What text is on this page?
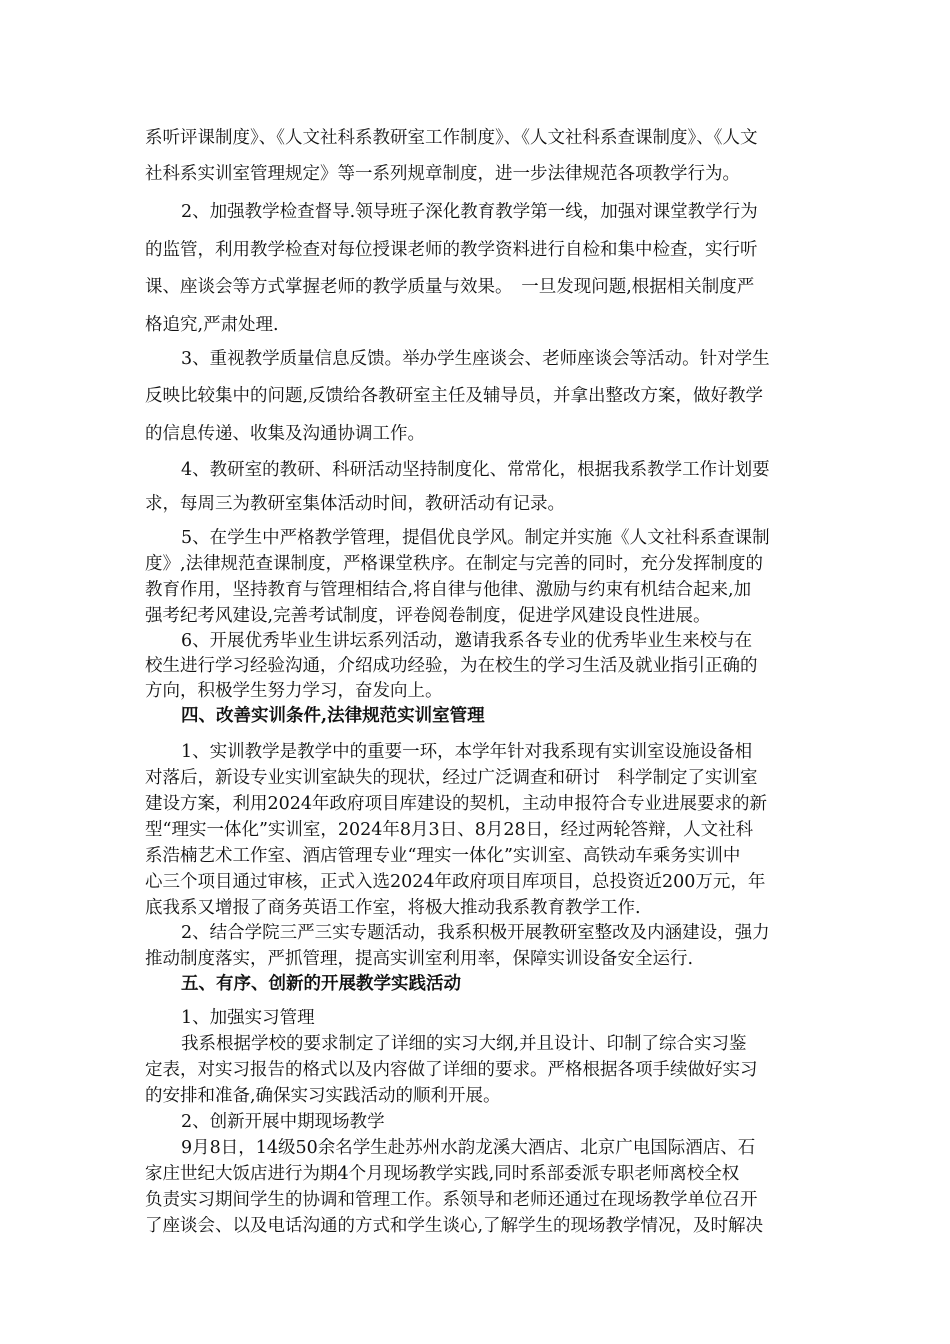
系听评课制度》、《人文社科系教研室工作制度》、《人文社科系查课制度》、《人文
社科系实训室管理规定》等一系列规章制度，进一步法律规范各项教学行为。
2、加强教学检查督导.领导班子深化教育教学第一线，加强对课堂教学行为
的监管，利用教学检查对每位授课老师的教学资料进行自检和集中检查，实行听
课、座谈会等方式掌握老师的教学质量与效果。　一旦发现问题,根据相关制度严
格追究,严肃处理.
3、重视教学质量信息反馈。举办学生座谈会、老师座谈会等活动。针对学生
反映比较集中的问题,反馈给各教研室主任及辅导员，并拿出整改方案，做好教学
的信息传递、收集及沟通协调工作。
4、教研室的教研、科研活动坚持制度化、常常化，根据我系教学工作计划要
求，每周三为教研室集体活动时间，教研活动有记录。
5、在学生中严格教学管理，提倡优良学风。制定并实施《人文社科系查课制
度》,法律规范查课制度，严格课堂秩序。在制定与完善的同时，充分发挥制度的
教育作用，坚持教育与管理相结合,将自律与他律、激励与约束有机结合起来,加
强考纪考风建设,完善考试制度，评卷阅卷制度，促进学风建设良性进展。
6、开展优秀毕业生讲坛系列活动，邀请我系各专业的优秀毕业生来校与在
校生进行学习经验沟通，介绍成功经验，为在校生的学习生活及就业指引正确的
方向，积极学生努力学习，奋发向上。
四、改善实训条件,法律规范实训室管理
1、实训教学是教学中的重要一环，本学年针对我系现有实训室设施设备相
对落后，新设专业实训室缺失的现状，经过广泛调查和研讨　科学制定了实训室
建设方案，利用2024年政府项目库建设的契机，主动申报符合专业进展要求的新
型“理实一体化”实训室，2024年8月3日、8月28日，经过两轮答辩，人文社科
系浩楠艺术工作室、酒店管理专业“理实一体化”实训室、高铁动车乘务实训中
心三个项目通过审核，正式入选2024年政府项目库项目，总投资近200万元，年
底我系又增报了商务英语工作室，将极大推动我系教育教学工作.
2、结合学院三严三实专题活动，我系积极开展教研室整改及内涵建设，强力
推动制度落实，严抓管理，提高实训室利用率，保障实训设备安全运行.
五、有序、创新的开展教学实践活动
1、加强实习管理
我系根据学校的要求制定了详细的实习大纲,并且设计、印制了综合实习鉴
定表，对实习报告的格式以及内容做了详细的要求。严格根据各项手续做好实习
的安排和准备,确保实习实践活动的顺利开展。
2、创新开展中期现场教学
9月8日，14级50余名学生赴苏州水韵龙溪大酒店、北京广电国际酒店、石
家庄世纪大饭店进行为期4个月现场教学实践,同时系部委派专职老师离校全权
负责实习期间学生的协调和管理工作。系领导和老师还通过在现场教学单位召开
了座谈会、以及电话沟通的方式和学生谈心,了解学生的现场教学情况，及时解决
